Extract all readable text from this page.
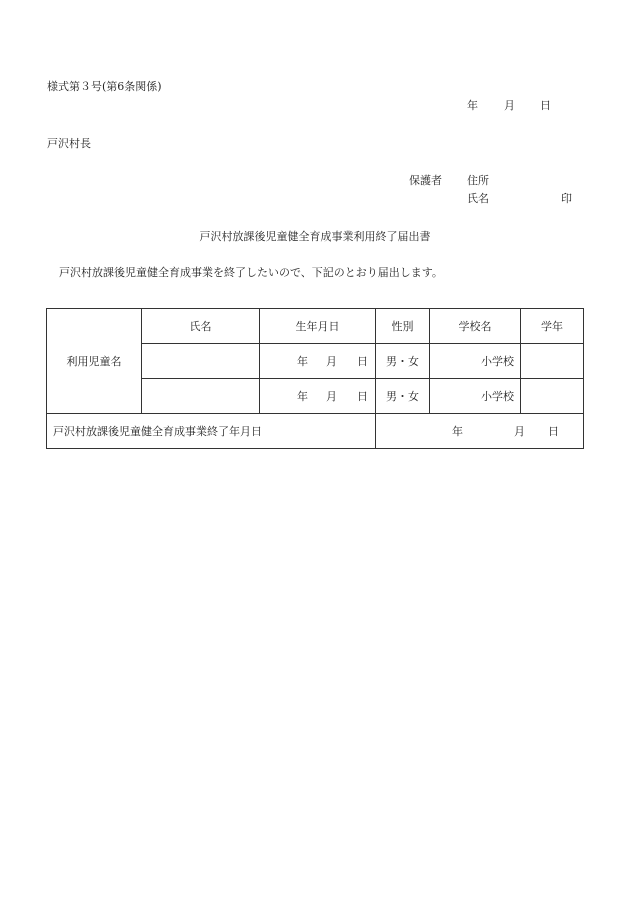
様式第３号(第6条関係)
年 月 日
戸沢村長
保護者 住所
氏名	印
戸沢村放課後児童健全育成事業利用終了届出書
戸沢村放課後児童健全育成事業を終了したいので、下記のとおり届出します。
利用児童名	氏名	生年月日	性別	学校名	学年

		年 月 日	男・女	小学校	

		年 月 日	男・女	小学校	
戸沢村放課後児童健全育成事業終了年月日			年 月 日		
